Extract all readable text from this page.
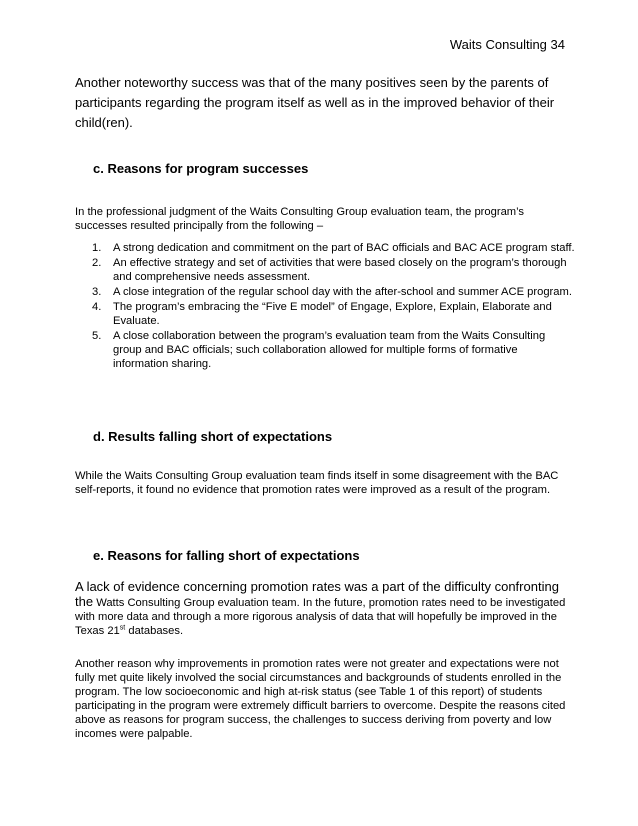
Waits Consulting 34
Another noteworthy success was that of the many positives seen by the parents of participants regarding the program itself as well as in the improved behavior of their child(ren).
c. Reasons for program successes
In the professional judgment of the Waits Consulting Group evaluation team, the program’s successes resulted principally from the following –
1. A strong dedication and commitment on the part of BAC officials and BAC ACE program staff.
2. An effective strategy and set of activities that were based closely on the program’s thorough and comprehensive needs assessment.
3. A close integration of the regular school day with the after-school and summer ACE program.
4. The program’s embracing the “Five E model” of Engage, Explore, Explain, Elaborate and Evaluate.
5. A close collaboration between the program’s evaluation team from the Waits Consulting group and BAC officials; such collaboration allowed for multiple forms of formative information sharing.
d. Results falling short of expectations
While the Waits Consulting Group evaluation team finds itself in some disagreement with the BAC self-reports, it found no evidence that promotion rates were improved as a result of the program.
e. Reasons for falling short of expectations
A lack of evidence concerning promotion rates was a part of the difficulty confronting the Watts Consulting Group evaluation team. In the future, promotion rates need to be investigated with more data and through a more rigorous analysis of data that will hopefully be improved in the Texas 21st databases.
Another reason why improvements in promotion rates were not greater and expectations were not fully met quite likely involved the social circumstances and backgrounds of students enrolled in the program. The low socioeconomic and high at-risk status (see Table 1 of this report) of students participating in the program were extremely difficult barriers to overcome. Despite the reasons cited above as reasons for program success, the challenges to success deriving from poverty and low incomes were palpable.
